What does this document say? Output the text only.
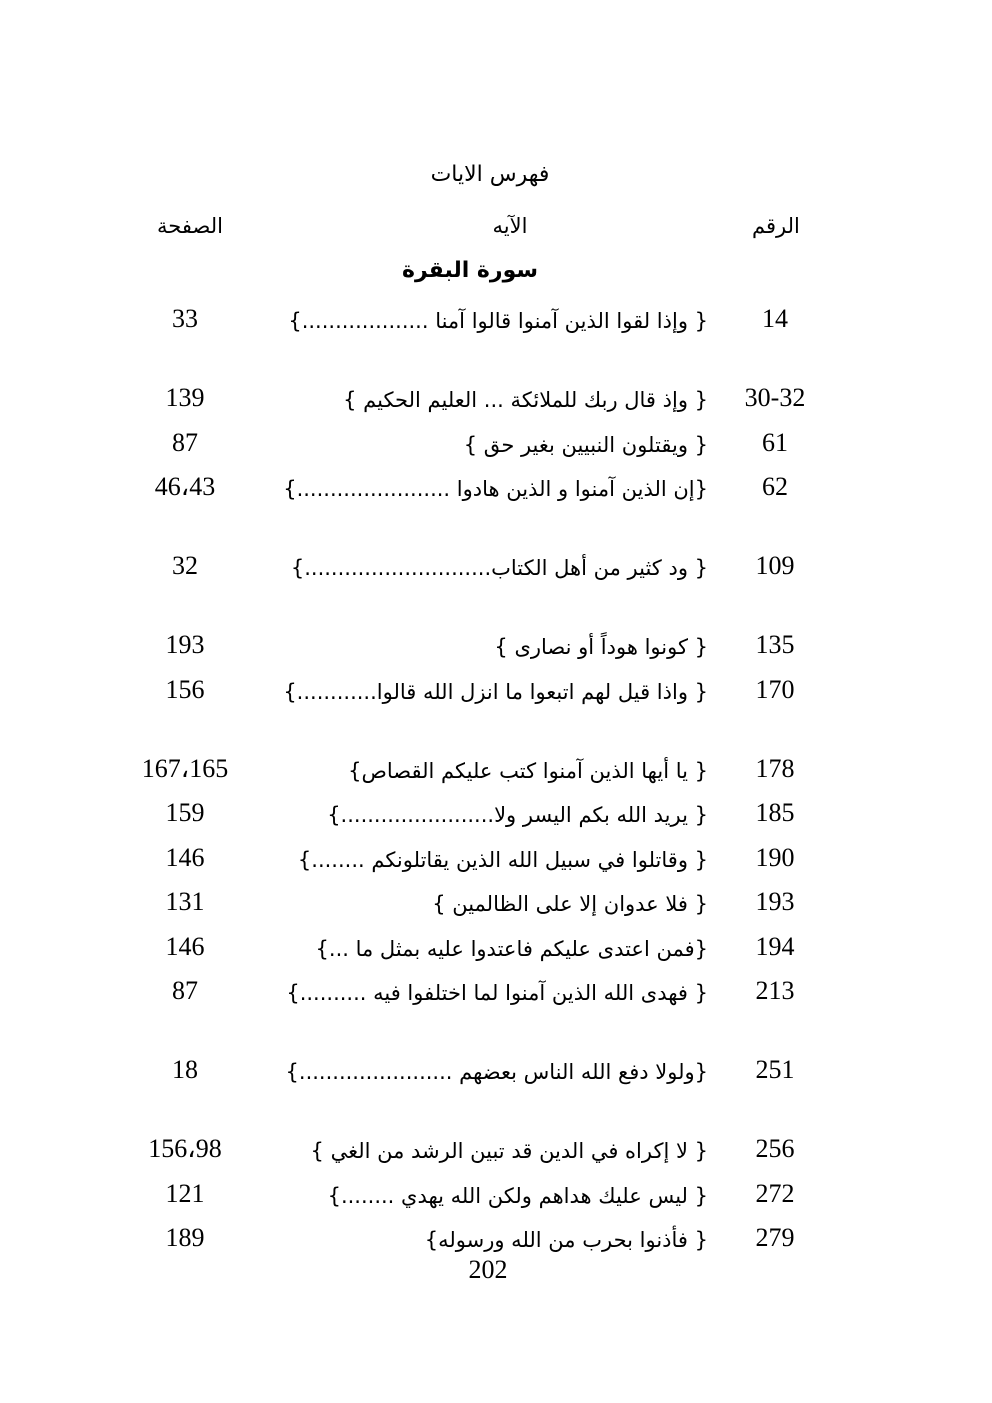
فهرس الايات
الرقم
الآيه
الصفحة
سورة البقرة
14
{ وإذا لقوا الذين آمنوا قالوا آمنا ...................}
33
30-32
{ وإذ قال ربك للملائكة ... العليم الحكيم }
139
61
{ ويقتلون النبيين بغير حق }
87
62
{إن الذين آمنوا و الذين هادوا .......................}
46،43
109
{ ود كثير من أهل الكتاب............................}
32
135
{ كونوا هوداً أو نصارى }
193
170
{ واذا قيل لهم اتبعوا ما انزل الله قالوا............}
156
178
{ يا أيها الذين آمنوا كتب عليكم القصاص}
167،165
185
{ يريد الله بكم اليسر ولا.......................}
159
190
{ وقاتلوا في سبيل الله الذين يقاتلونكم ........}
146
193
{ فلا عدوان إلا على الظالمين }
131
194
{فمن اعتدى عليكم فاعتدوا عليه بمثل ما ...}
146
213
{ فهدى الله الذين آمنوا لما اختلفوا فيه ..........}
87
251
{ولولا دفع الله الناس بعضهم .......................}
18
256
{ لا إكراه في الدين قد تبين الرشد من الغي }
156،98
272
{ ليس عليك هداهم ولكن الله يهدي ........}
121
279
{ فأذنوا بحرب من الله ورسوله}
189
202
